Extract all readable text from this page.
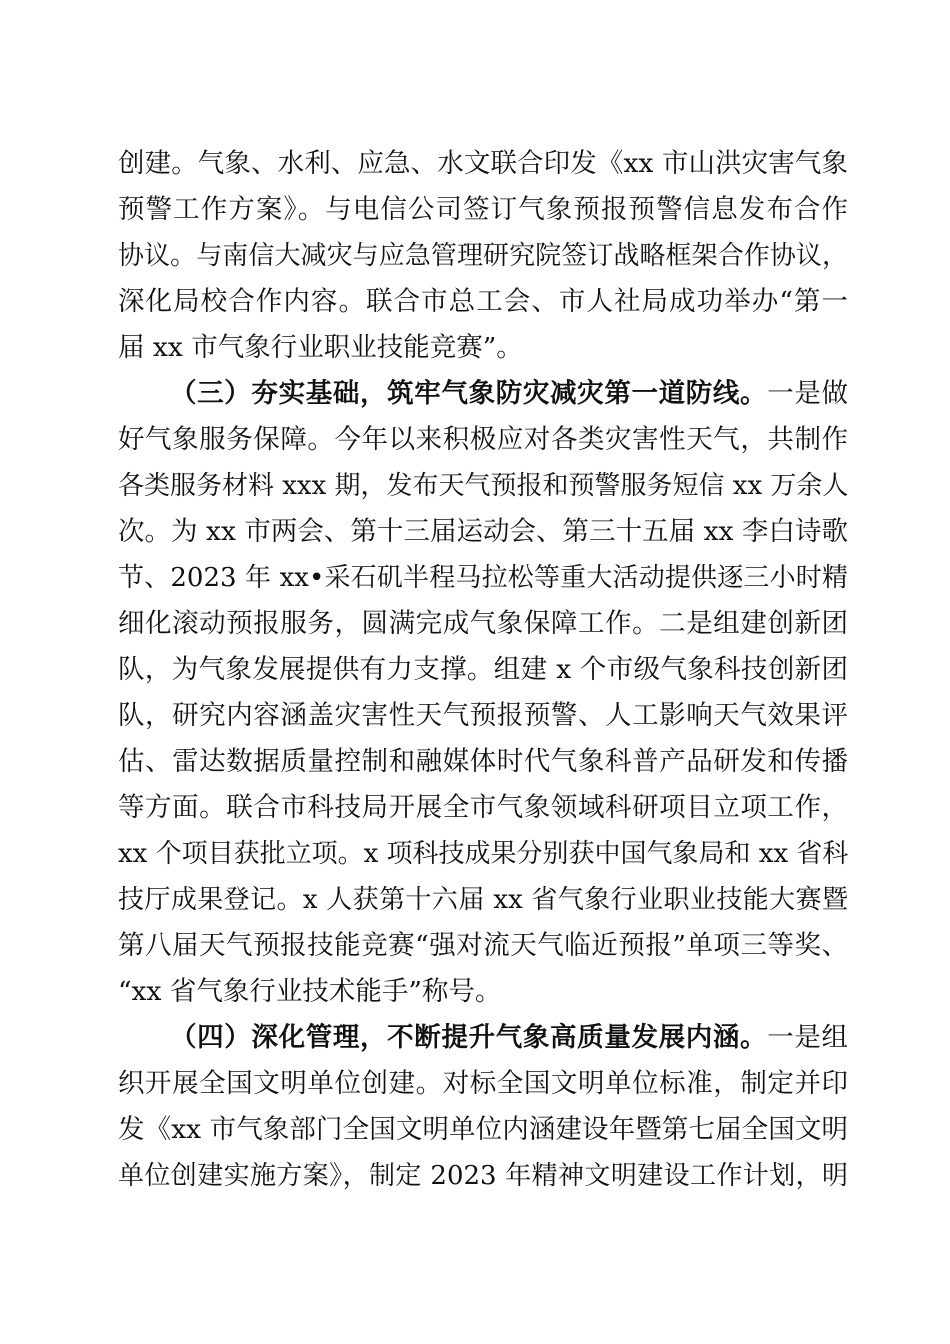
创建。气象、水利、应急、水文联合印发《xx 市山洪灾害气象
预警工作方案》。与电信公司签订气象预报预警信息发布合作
协议。与南信大减灾与应急管理研究院签订战略框架合作协议，
深化局校合作内容。联合市总工会、市人社局成功举办“第一
届 xx 市气象行业职业技能竞赛”。
（三）夯实基础，筑牢气象防灾减灾第一道防线。一是做
好气象服务保障。今年以来积极应对各类灾害性天气，共制作
各类服务材料 xxx 期，发布天气预报和预警服务短信 xx 万余人
次。为 xx 市两会、第十三届运动会、第三十五届 xx 李白诗歌
节、2023 年 xx•采石矶半程马拉松等重大活动提供逐三小时精
细化滚动预报服务，圆满完成气象保障工作。二是组建创新团
队，为气象发展提供有力支撑。组建 x 个市级气象科技创新团
队，研究内容涵盖灾害性天气预报预警、人工影响天气效果评
估、雷达数据质量控制和融媒体时代气象科普产品研发和传播
等方面。联合市科技局开展全市气象领域科研项目立项工作，
xx 个项目获批立项。x 项科技成果分别获中国气象局和 xx 省科
技厅成果登记。x 人获第十六届 xx 省气象行业职业技能大赛暨
第八届天气预报技能竞赛“强对流天气临近预报”单项三等奖、
“xx 省气象行业技术能手”称号。
（四）深化管理，不断提升气象高质量发展内涵。一是组
织开展全国文明单位创建。对标全国文明单位标准，制定并印
发《xx 市气象部门全国文明单位内涵建设年暨第七届全国文明
单位创建实施方案》，制定 2023 年精神文明建设工作计划，明
